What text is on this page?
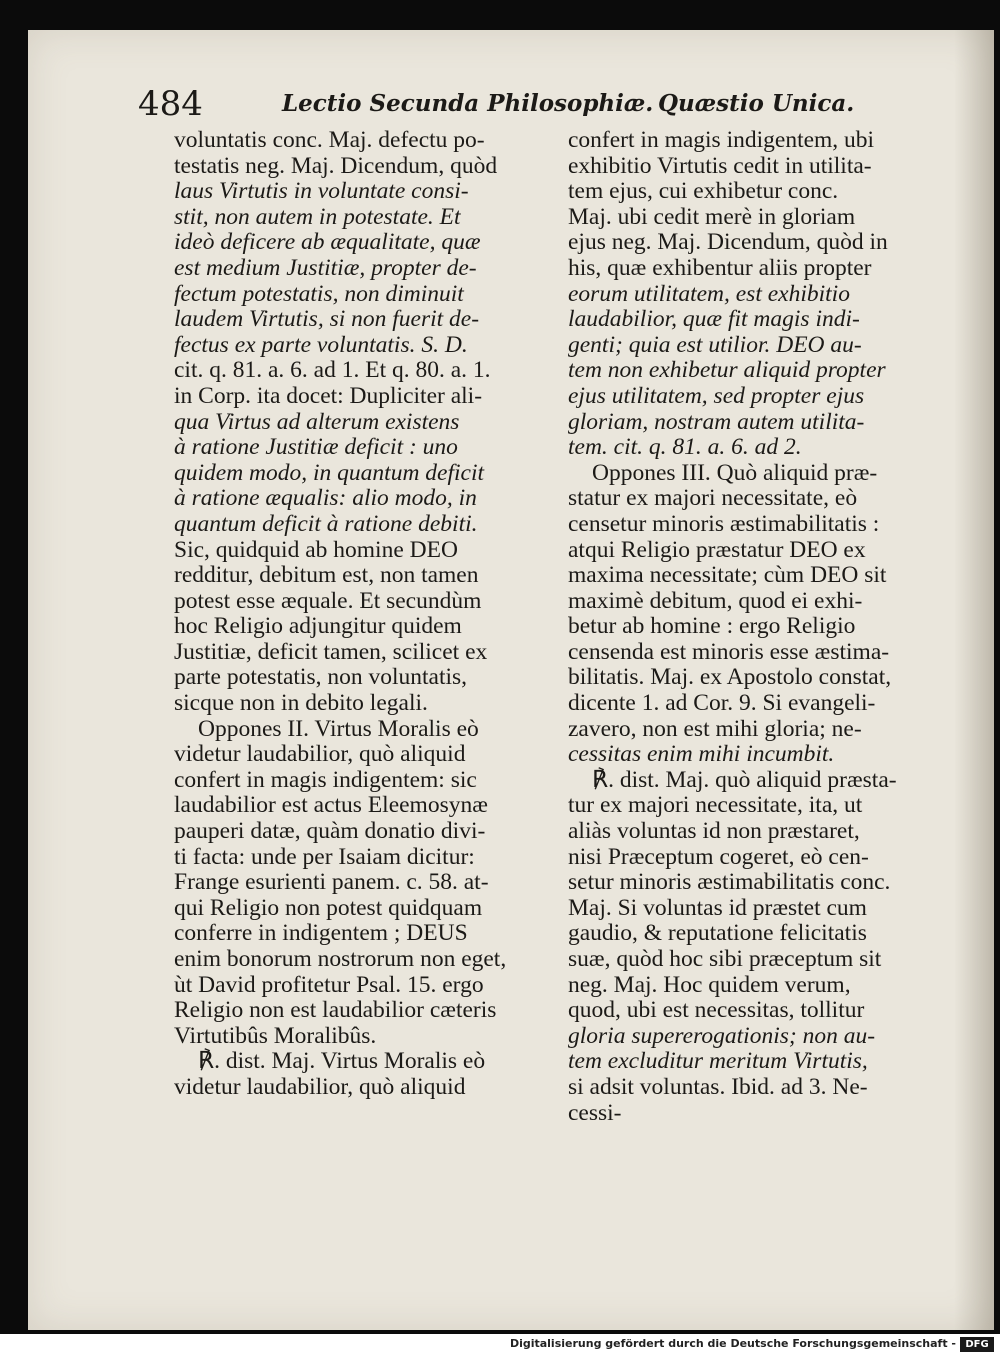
484	Lectio Secunda Philosophiæ. Quæstio Unica.
voluntatis conc. Maj. defectu po-
testatis neg. Maj. Dicendum, quòd
laus Virtutis in voluntate consi-
stit, non autem in potestate. Et
ideò deficere ab æqualitate, quæ
est medium Justitiæ, propter de-
fectum potestatis, non diminuit
laudem Virtutis, si non fuerit de-
fectus ex parte voluntatis. S. D.
cit. q. 81. a. 6. ad 1. Et q. 80. a. 1.
in Corp. ita docet: Dupliciter ali-
qua Virtus ad alterum existens
à ratione Justitiæ deficit : uno
quidem modo, in quantum deficit
à ratione æqualis: alio modo, in
quantum deficit à ratione debiti.
Sic, quidquid ab homine DEO
redditur, debitum est, non tamen
potest esse æquale. Et secundùm
hoc Religio adjungitur quidem
Justitiæ, deficit tamen, scilicet ex
parte potestatis, non voluntatis,
sicque non in debito legali.
Oppones II. Virtus Moralis eò
videtur laudabilior, quò aliquid
confert in magis indigentem: sic
laudabilior est actus Eleemosynæ
pauperi datæ, quàm donatio divi-
ti facta: unde per Isaiam dicitur:
Frange esurienti panem. c. 58. at-
qui Religio non potest quidquam
conferre in indigentem ; DEUS
enim bonorum nostrorum non eget,
ùt David profitetur Psal. 15. ergo
Religio non est laudabilior cæteris
Virtutibûs Moralibûs.
℟. dist. Maj. Virtus Moralis eò
videtur laudabilior, quò aliquid
confert in magis indigentem, ubi
exhibitio Virtutis cedit in utilita-
tem ejus, cui exhibetur conc.
Maj. ubi cedit merè in gloriam
ejus neg. Maj. Dicendum, quòd in
his, quæ exhibentur aliis propter
eorum utilitatem, est exhibitio
laudabilior, quæ fit magis indi-
genti; quia est utilior. DEO au-
tem non exhibetur aliquid propter
ejus utilitatem, sed propter ejus
gloriam, nostram autem utilita-
tem. cit. q. 81. a. 6. ad 2.
Oppones III. Quò aliquid præ-
statur ex majori necessitate, eò
censetur minoris æstimabilitatis :
atqui Religio præstatur DEO ex
maxima necessitate; cùm DEO sit
maximè debitum, quod ei exhi-
betur ab homine : ergo Religio
censenda est minoris esse æstima-
bilitatis. Maj. ex Apostolo constat,
dicente 1. ad Cor. 9. Si evangeli-
zavero, non est mihi gloria; ne-
cessitas enim mihi incumbit.
℟. dist. Maj. quò aliquid præsta-
tur ex majori necessitate, ita, ut
aliàs voluntas id non præstaret,
nisi Præceptum cogeret, eò cen-
setur minoris æstimabilitatis conc.
Maj. Si voluntas id præstet cum
gaudio, & reputatione felicitatis
suæ, quòd hoc sibi præceptum sit
neg. Maj. Hoc quidem verum,
quod, ubi est necessitas, tollitur
gloria supererogationis; non au-
tem excluditur meritum Virtutis,
si adsit voluntas. Ibid. ad 3. Ne-
cessi-
Digitalisierung gefördert durch die Deutsche Forschungsgemeinschaft - DFG
